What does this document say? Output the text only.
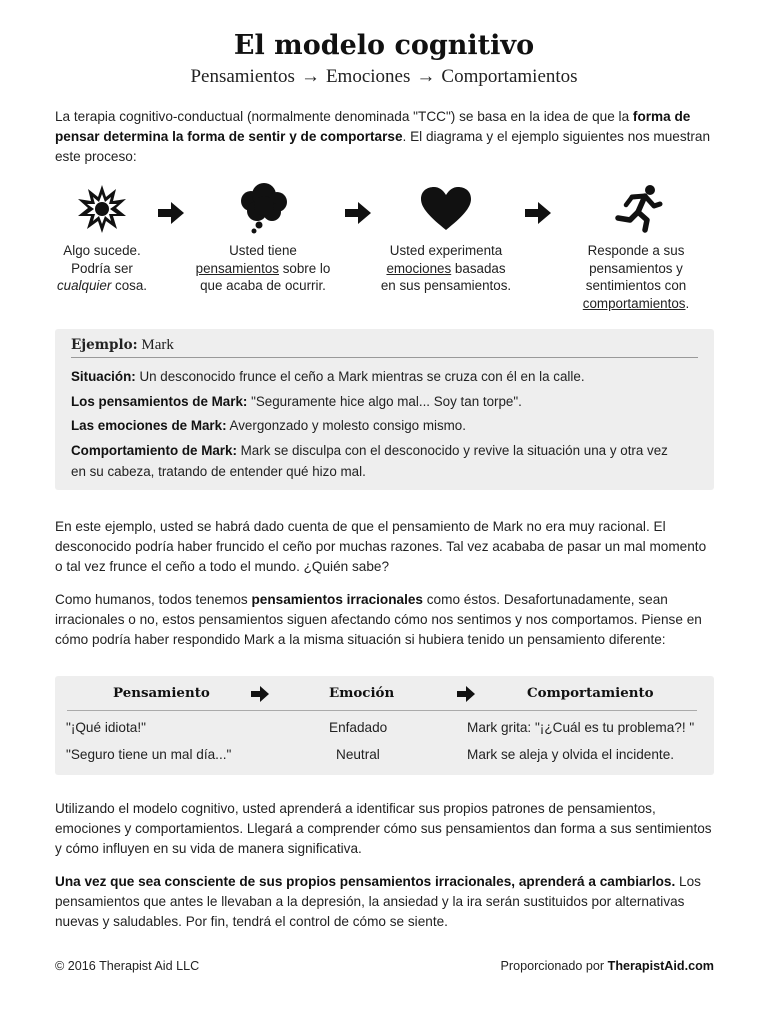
El modelo cognitivo
Pensamientos → Emociones → Comportamientos
La terapia cognitivo-conductual (normalmente denominada "TCC") se basa en la idea de que la forma de pensar determina la forma de sentir y de comportarse. El diagrama y el ejemplo siguientes nos muestran este proceso:
Algo sucede.
Podría ser
cualquier cosa.
Usted tiene
pensamientos sobre lo
que acaba de ocurrir.
Usted experimenta
emociones basadas
en sus pensamientos.
Responde a sus
pensamientos y
sentimientos con
comportamientos.
Ejemplo: Mark
Situación: Un desconocido frunce el ceño a Mark mientras se cruza con él en la calle.
Los pensamientos de Mark: "Seguramente hice algo mal... Soy tan torpe".
Las emociones de Mark: Avergonzado y molesto consigo mismo.
Comportamiento de Mark: Mark se disculpa con el desconocido y revive la situación una y otra vez
en su cabeza, tratando de entender qué hizo mal.
En este ejemplo, usted se habrá dado cuenta de que el pensamiento de Mark no era muy racional. El desconocido podría haber fruncido el ceño por muchas razones. Tal vez acababa de pasar un mal momento o tal vez frunce el ceño a todo el mundo. ¿Quién sabe?
Como humanos, todos tenemos pensamientos irracionales como éstos. Desafortunadamente, sean irracionales o no, estos pensamientos siguen afectando cómo nos sentimos y nos comportamos. Piense en cómo podría haber respondido Mark a la misma situación si hubiera tenido un pensamiento diferente:
Pensamiento	Emoción	Comportamiento
"¡Qué idiota!"	Enfadado	Mark grita: "¡¿Cuál es tu problema?! "
"Seguro tiene un mal día..."	Neutral	Mark se aleja y olvida el incidente.
Utilizando el modelo cognitivo, usted aprenderá a identificar sus propios patrones de pensamientos, emociones y comportamientos. Llegará a comprender cómo sus pensamientos dan forma a sus sentimientos y cómo influyen en su vida de manera significativa.
Una vez que sea consciente de sus propios pensamientos irracionales, aprenderá a cambiarlos. Los pensamientos que antes le llevaban a la depresión, la ansiedad y la ira serán sustituidos por alternativas nuevas y saludables. Por fin, tendrá el control de cómo se siente.
© 2016 Therapist Aid LLC	Proporcionado por TherapistAid.com
